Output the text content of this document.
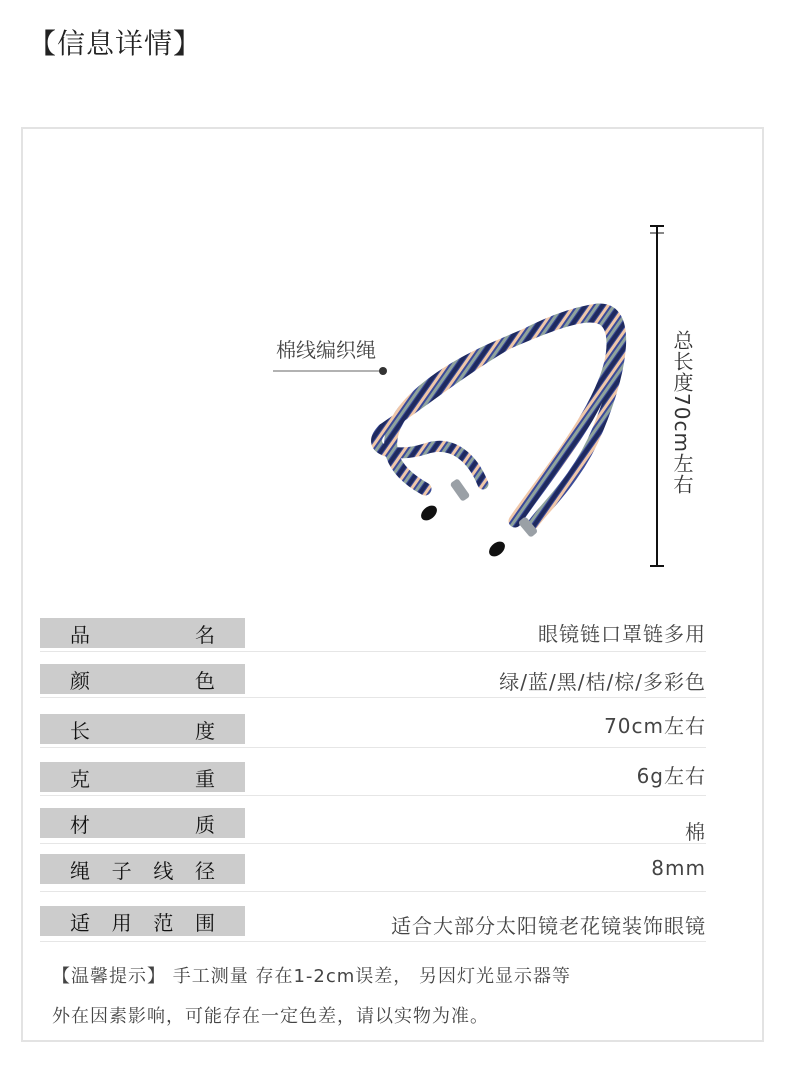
【信息详情】
棉线编织绳	总长度70cm左右
品	名	眼镜链口罩链多用
颜	色	绿/蓝/黑/桔/棕/多彩色
长	度	70cm左右
克	重	6g左右
材	质	棉
绳 子 线 径	8mm
适 用 范 围	适合大部分太阳镜老花镜装饰眼镜
【温馨提示】 手工测量 存在1-2cm误差， 另因灯光显示器等
外在因素影响，可能存在一定色差，请以实物为准。
